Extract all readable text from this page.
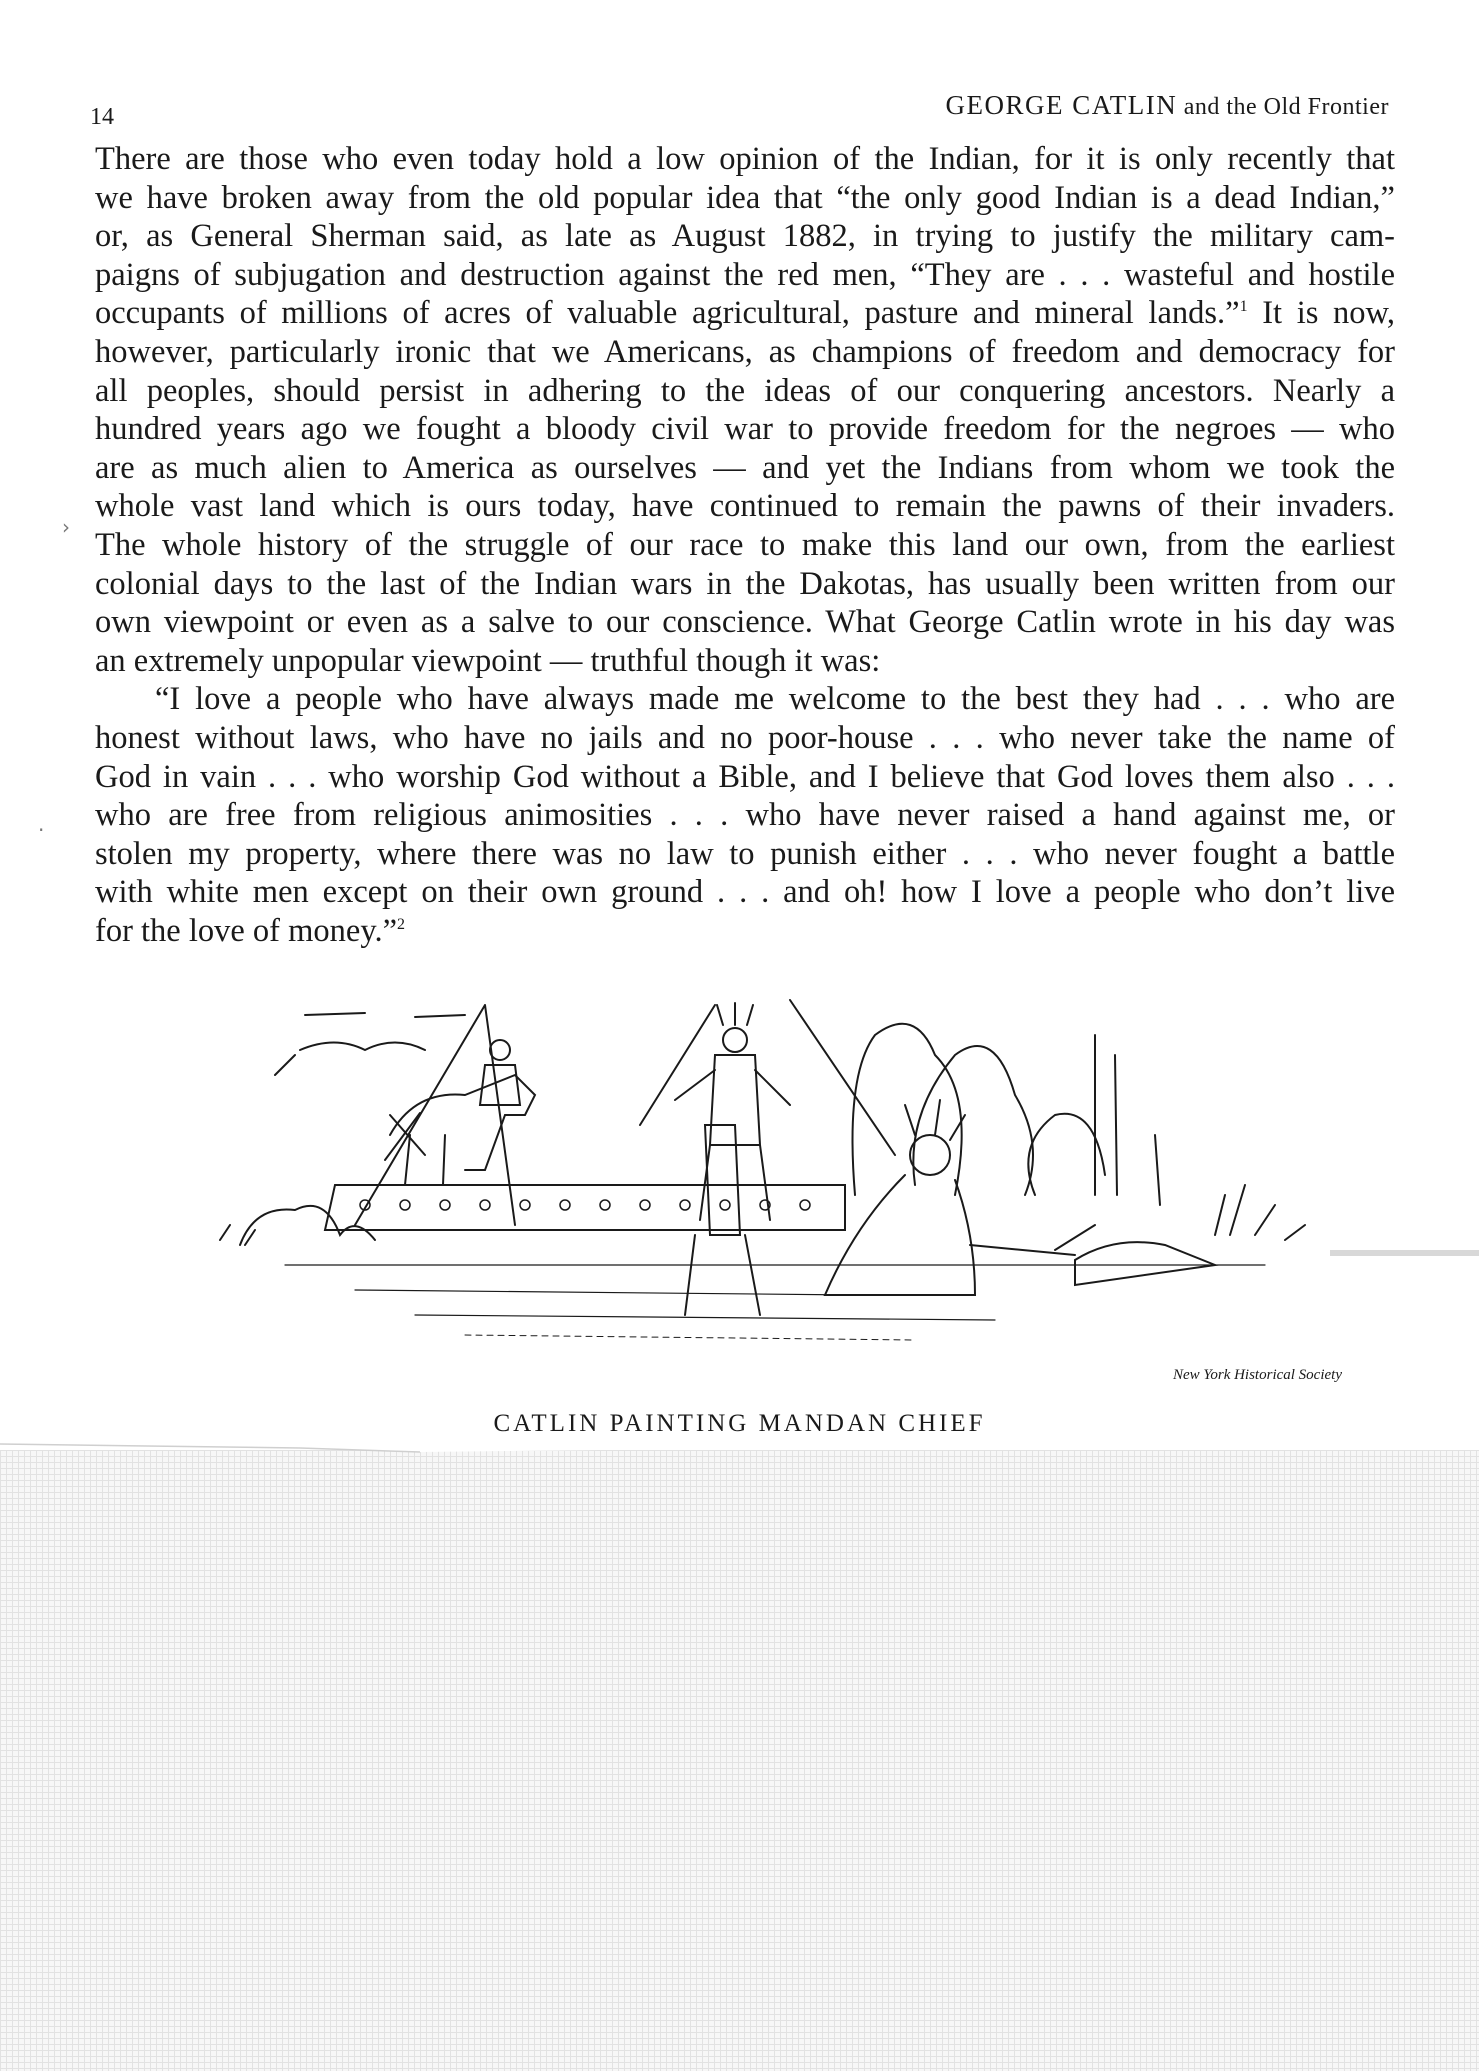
14	GEORGE CATLIN and the Old Frontier
There are those who even today hold a low opinion of the Indian, for it is only recently that
we have broken away from the old popular idea that “the only good Indian is a dead Indian,”
or, as General Sherman said, as late as August 1882, in trying to justify the military cam-
paigns of subjugation and destruction against the red men, “They are . . . wasteful and hostile
occupants of millions of acres of valuable agricultural, pasture and mineral lands.”$^1$ It is now,
however, particularly ironic that we Americans, as champions of freedom and democracy for
all peoples, should persist in adhering to the ideas of our conquering ancestors. Nearly a
hundred years ago we fought a bloody civil war to provide freedom for the negroes — who
are as much alien to America as ourselves — and yet the Indians from whom we took the
whole vast land which is ours today, have continued to remain the pawns of their invaders.
The whole history of the struggle of our race to make this land our own, from the earliest
colonial days to the last of the Indian wars in the Dakotas, has usually been written from our
own viewpoint or even as a salve to our conscience. What George Catlin wrote in his day was
an extremely unpopular viewpoint — truthful though it was:
“I love a people who have always made me welcome to the best they had . . . who are
honest without laws, who have no jails and no poor-house . . . who never take the name of
God in vain . . . who worship God without a Bible, and I believe that God loves them also . . .
who are free from religious animosities . . . who have never raised a hand against me, or
stolen my property, where there was no law to punish either . . . who never fought a battle
with white men except on their own ground . . . and oh! how I love a people who don’t live
for the love of money.”$^2$
New York Historical Society
CATLIN PAINTING MANDAN CHIEF
›
·
